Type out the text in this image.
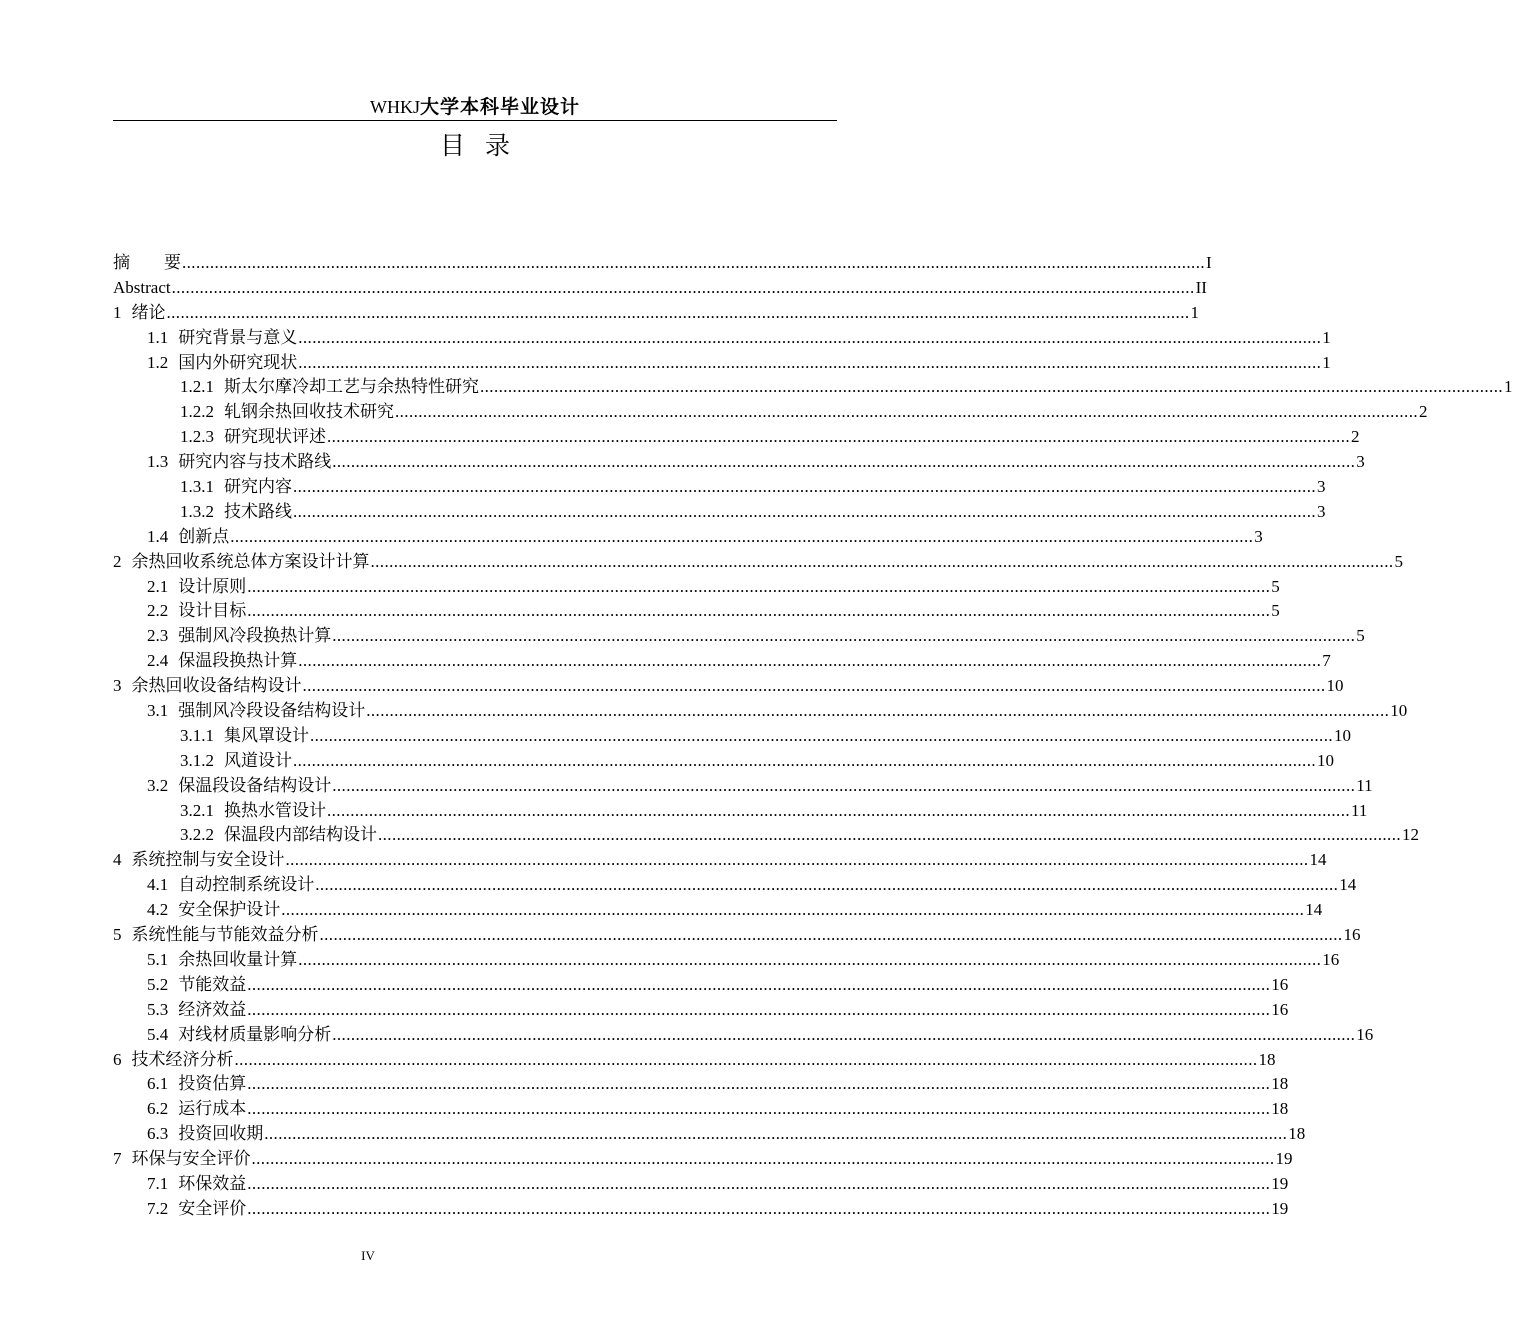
WHKJ大学本科毕业设计
目录
摘　　要 ............................................................................................................................................................................................................................ I
Abstract ............................................................................................................................................................................................................................ II
1 绪论 ............................................................................................................................................................................................................................ 1
1.1 研究背景与意义 ............................................................................................................................................................................................................................ 1
1.2 国内外研究现状 ............................................................................................................................................................................................................................ 1
1.2.1 斯太尔摩冷却工艺与余热特性研究 ............................................................................................................................................................................................................................ 1
1.2.2 轧钢余热回收技术研究 ............................................................................................................................................................................................................................ 2
1.2.3 研究现状评述 ............................................................................................................................................................................................................................ 2
1.3 研究内容与技术路线 ............................................................................................................................................................................................................................ 3
1.3.1 研究内容 ............................................................................................................................................................................................................................ 3
1.3.2 技术路线 ............................................................................................................................................................................................................................ 3
1.4 创新点 ............................................................................................................................................................................................................................ 3
2 余热回收系统总体方案设计计算 ............................................................................................................................................................................................................................ 5
2.1 设计原则 ............................................................................................................................................................................................................................ 5
2.2 设计目标 ............................................................................................................................................................................................................................ 5
2.3 强制风冷段换热计算 ............................................................................................................................................................................................................................ 5
2.4 保温段换热计算 ............................................................................................................................................................................................................................ 7
3 余热回收设备结构设计 ............................................................................................................................................................................................................................ 10
3.1 强制风冷段设备结构设计 ............................................................................................................................................................................................................................ 10
3.1.1 集风罩设计 ............................................................................................................................................................................................................................ 10
3.1.2 风道设计 ............................................................................................................................................................................................................................ 10
3.2 保温段设备结构设计 ............................................................................................................................................................................................................................ 11
3.2.1 换热水管设计 ............................................................................................................................................................................................................................ 11
3.2.2 保温段内部结构设计 ............................................................................................................................................................................................................................ 12
4 系统控制与安全设计 ............................................................................................................................................................................................................................ 14
4.1 自动控制系统设计 ............................................................................................................................................................................................................................ 14
4.2 安全保护设计 ............................................................................................................................................................................................................................ 14
5 系统性能与节能效益分析 ............................................................................................................................................................................................................................ 16
5.1 余热回收量计算 ............................................................................................................................................................................................................................ 16
5.2 节能效益 ............................................................................................................................................................................................................................ 16
5.3 经济效益 ............................................................................................................................................................................................................................ 16
5.4 对线材质量影响分析 ............................................................................................................................................................................................................................ 16
6 技术经济分析 ............................................................................................................................................................................................................................ 18
6.1 投资估算 ............................................................................................................................................................................................................................ 18
6.2 运行成本 ............................................................................................................................................................................................................................ 18
6.3 投资回收期 ............................................................................................................................................................................................................................ 18
7 环保与安全评价 ............................................................................................................................................................................................................................ 19
7.1 环保效益 ............................................................................................................................................................................................................................ 19
7.2 安全评价 ............................................................................................................................................................................................................................ 19
IV
